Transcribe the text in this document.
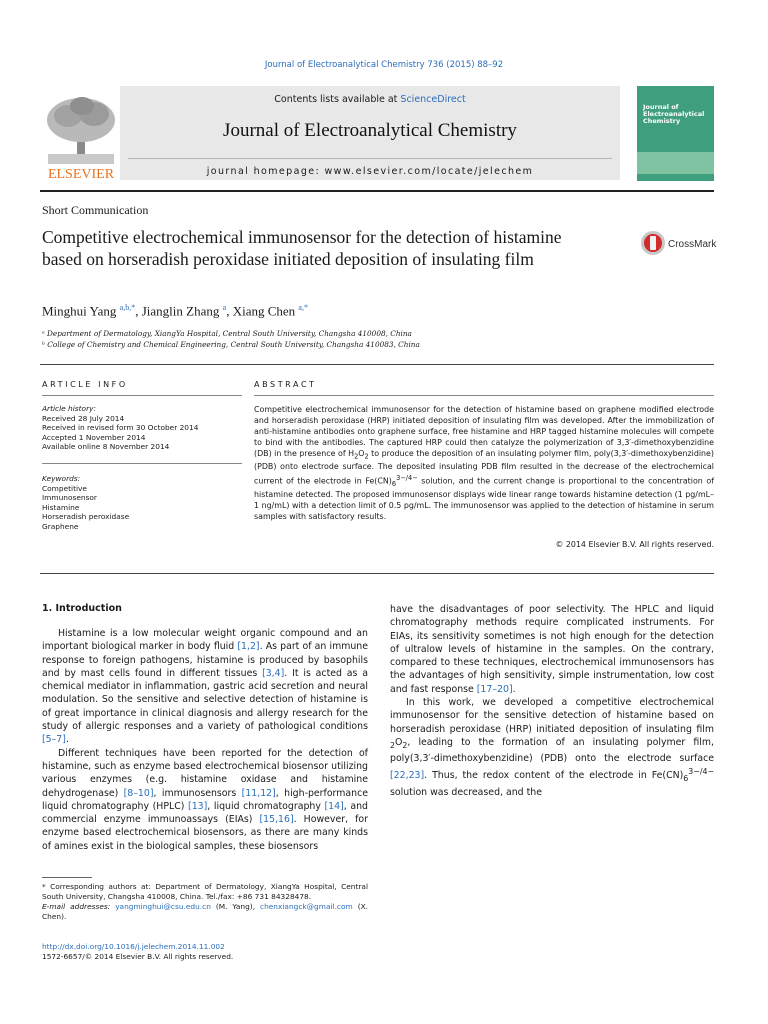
Journal of Electroanalytical Chemistry 736 (2015) 88–92
ELSEVIER
Contents lists available at ScienceDirect
Journal of Electroanalytical Chemistry
journal homepage: www.elsevier.com/locate/jelechem
Journal of Electroanalytical Chemistry
Short Communication
Competitive electrochemical immunosensor for the detection of histamine based on horseradish peroxidase initiated deposition of insulating film
CrossMark
Minghui Yang $^{a,b,*}$, Jianglin Zhang $^a$, Xiang Chen $^{a,*}$
ᵃ Department of Dermatology, XiangYa Hospital, Central South University, Changsha 410008, China
ᵇ College of Chemistry and Chemical Engineering, Central South University, Changsha 410083, China
ARTICLE INFO
Article history:
Received 28 July 2014
Received in revised form 30 October 2014
Accepted 1 November 2014
Available online 8 November 2014
Keywords:
Competitive
Immunosensor
Histamine
Horseradish peroxidase
Graphene
ABSTRACT
Competitive electrochemical immunosensor for the detection of histamine based on graphene modified electrode and horseradish peroxidase (HRP) initiated deposition of insulating film was developed. After the immobilization of anti-histamine antibodies onto graphene surface, free histamine and HRP tagged histamine molecules will compete to bind with the antibodies. The captured HRP could then catalyze the polymerization of 3,3′-dimethoxybenzidine (DB) in the presence of $H_2O_2$ to produce the deposition of an insulating polymer film, poly(3,3′-dimethoxybenzidine) (PDB) onto electrode surface. The deposited insulating PDB film resulted in the decrease of the electrochemical current of the electrode in $Fe(CN)_6^{3-/4-}$ solution, and the current change is proportional to the concentration of histamine detected. The proposed immunosensor displays wide linear range towards histamine detection (1 pg/mL–1 ng/mL) with a detection limit of 0.5 pg/mL. The immunosensor was applied to the detection of histamine in serum samples with satisfactory results.
© 2014 Elsevier B.V. All rights reserved.
1. Introduction

Histamine is a low molecular weight organic compound and an important biological marker in body fluid [1,2]. As part of an immune response to foreign pathogens, histamine is produced by basophils and by mast cells found in different tissues [3,4]. It is acted as a chemical mediator in inflammation, gastric acid secretion and neural modulation. So the sensitive and selective detection of histamine is of great importance in clinical diagnosis and allergy research for the study of allergic responses and a variety of pathological conditions [5–7].

Different techniques have been reported for the detection of histamine, such as enzyme based electrochemical biosensor utilizing various enzymes (e.g. histamine oxidase and histamine dehydrogenase) [8–10], immunosensors [11,12], high-performance liquid chromatography (HPLC) [13], liquid chromatography [14], and commercial enzyme immunoassays (EIAs) [15,16]. However, for enzyme based electrochemical biosensors, as there are many kinds of amines exist in the biological samples, these biosensors

have the disadvantages of poor selectivity. The HPLC and liquid chromatography methods require complicated instruments. For EIAs, its sensitivity sometimes is not high enough for the detection of ultralow levels of histamine in the samples. On the contrary, compared to these techniques, electrochemical immunosensors has the advantages of high sensitivity, simple instrumentation, low cost and fast response [17–20].

In this work, we developed a competitive electrochemical immunosensor for the sensitive detection of histamine based on horseradish peroxidase (HRP) initiated deposition of insulating film $_2O_2$, leading to the formation of an insulating polymer film, poly(3,3′-dimethoxybenzidine) (PDB) onto the electrode surface [22,23]. Thus, the redox content of the electrode in $Fe(CN)_6^{3-/4-}$ solution was decreased, and the

* Corresponding authors at: Department of Dermatology, XiangYa Hospital, Central South University, Changsha 410008, China. Tel./fax: +86 731 84328478.
E-mail addresses: yangminghui@csu.edu.cn (M. Yang), chenxiangck@gmail.com (X. Chen).
http://dx.doi.org/10.1016/j.jelechem.2014.11.002
1572-6657/© 2014 Elsevier B.V. All rights reserved.
